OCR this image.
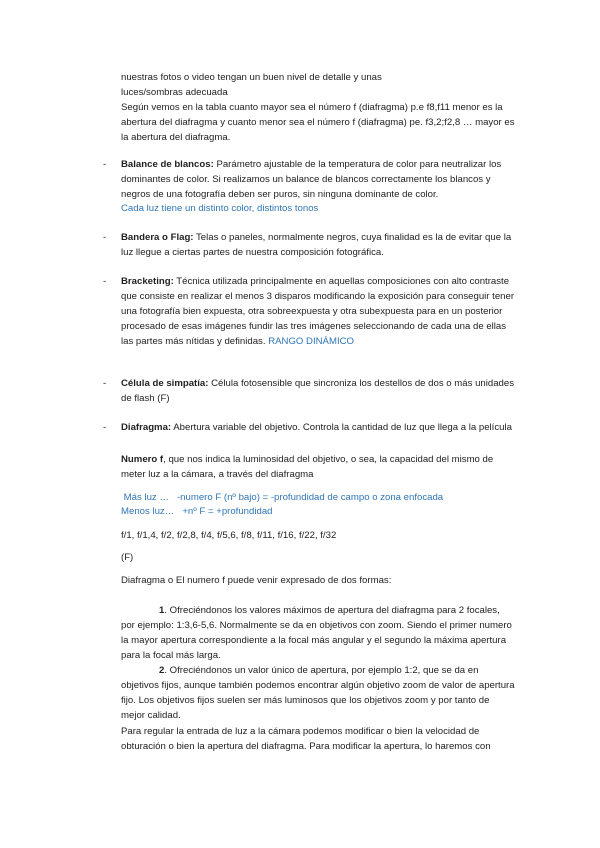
nuestras fotos o video tengan un buen nivel de detalle y unas

luces/sombras adecuada

Según vemos en la tabla cuanto mayor sea el número f (diafragma) p.e f8,f11 menor es la abertura del diafragma y cuanto menor sea el número f (diafragma) pe. f3,2;f2,8 … mayor es la abertura del diafragma.

- Balance de blancos: Parámetro ajustable de la temperatura de color para neutralizar los dominantes de color. Si realizamos un balance de blancos correctamente los blancos y negros de una fotografía deben ser puros, sin ninguna dominante de color.

Cada luz tiene un distinto color, distintos tonos

- Bandera o Flag: Telas o paneles, normalmente negros, cuya finalidad es la de evitar que la luz llegue a ciertas partes de nuestra composición fotográfica.

- Bracketing: Técnica utilizada principalmente en aquellas composiciones con alto contraste que consiste en realizar el menos 3 disparos modificando la exposición para conseguir tener una fotografía bien expuesta, otra sobreexpuesta y otra subexpuesta para en un posterior procesado de esas imágenes fundir las tres imágenes seleccionando de cada una de ellas las partes más nítidas y definidas. RANGO DINÁMICO

- Célula de simpatía: Célula fotosensible que sincroniza los destellos de dos o más unidades de flash (F)

- Diafragma: Abertura variable del objetivo. Controla la cantidad de luz que llega a la película

Numero f, que nos indica la luminosidad del objetivo, o sea, la capacidad del mismo de meter luz a la cámara, a través del diafragma

Más luz …   -numero F (nº bajo) = -profundidad de campo o zona enfocada

Menos luz…   +nº F = +profundidad

f/1, f/1,4, f/2, f/2,8, f/4, f/5,6, f/8, f/11, f/16, f/22, f/32

(F)

Diafragma o El numero f puede venir expresado de dos formas:

1. Ofreciéndonos los valores máximos de apertura del diafragma para 2 focales, por ejemplo: 1:3,6-5,6. Normalmente se da en objetivos con zoom. Siendo el primer numero la mayor apertura correspondiente a la focal más angular y el segundo la máxima apertura para la focal más larga.

2. Ofreciéndonos un valor único de apertura, por ejemplo 1:2, que se da en objetivos fijos, aunque también podemos encontrar algún objetivo zoom de valor de apertura fijo. Los objetivos fijos suelen ser más luminosos que los objetivos zoom y por tanto de mejor calidad.

Para regular la entrada de luz a la cámara podemos modificar o bien la velocidad de obturación o bien la apertura del diafragma. Para modificar la apertura, lo haremos con
